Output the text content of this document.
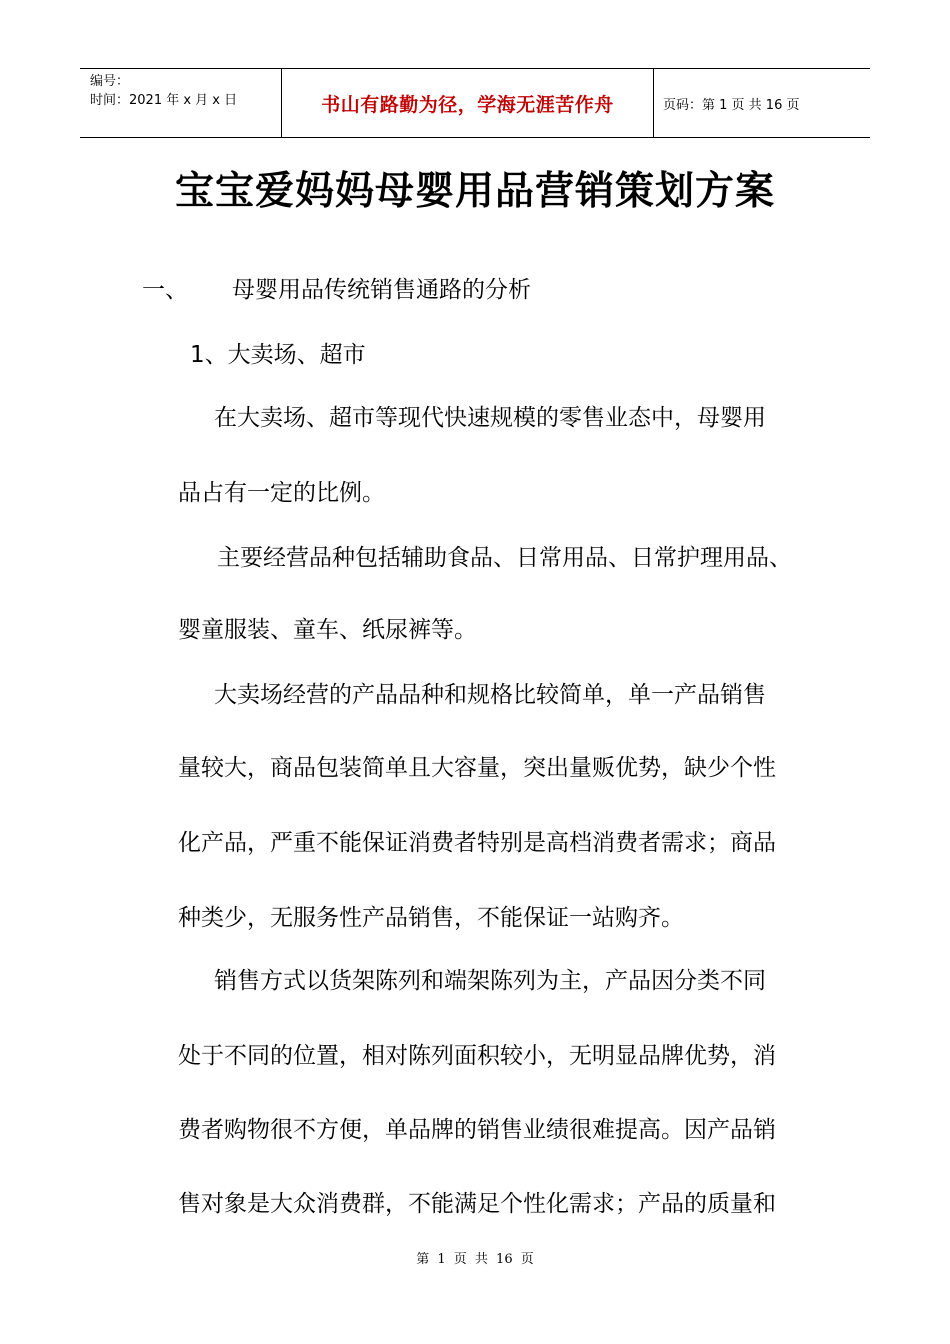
编号：
时间：2021 年 x 月 x 日	书山有路勤为径，学海无涯苦作舟	页码：第 1 页 共 16 页
宝宝爱妈妈母婴用品营销策划方案
一、 母婴用品传统销售通路的分析
1、大卖场、超市
在大卖场、超市等现代快速规模的零售业态中，母婴用
品占有一定的比例。
主要经营品种包括辅助食品、日常用品、日常护理用品、
婴童服装、童车、纸尿裤等。
大卖场经营的产品品种和规格比较简单，单一产品销售
量较大，商品包装简单且大容量，突出量贩优势，缺少个性
化产品，严重不能保证消费者特别是高档消费者需求；商品
种类少，无服务性产品销售，不能保证一站购齐。
销售方式以货架陈列和端架陈列为主，产品因分类不同
处于不同的位置，相对陈列面积较小，无明显品牌优势，消
费者购物很不方便，单品牌的销售业绩很难提高。因产品销
售对象是大众消费群，不能满足个性化需求；产品的质量和
第 1 页 共 16 页
